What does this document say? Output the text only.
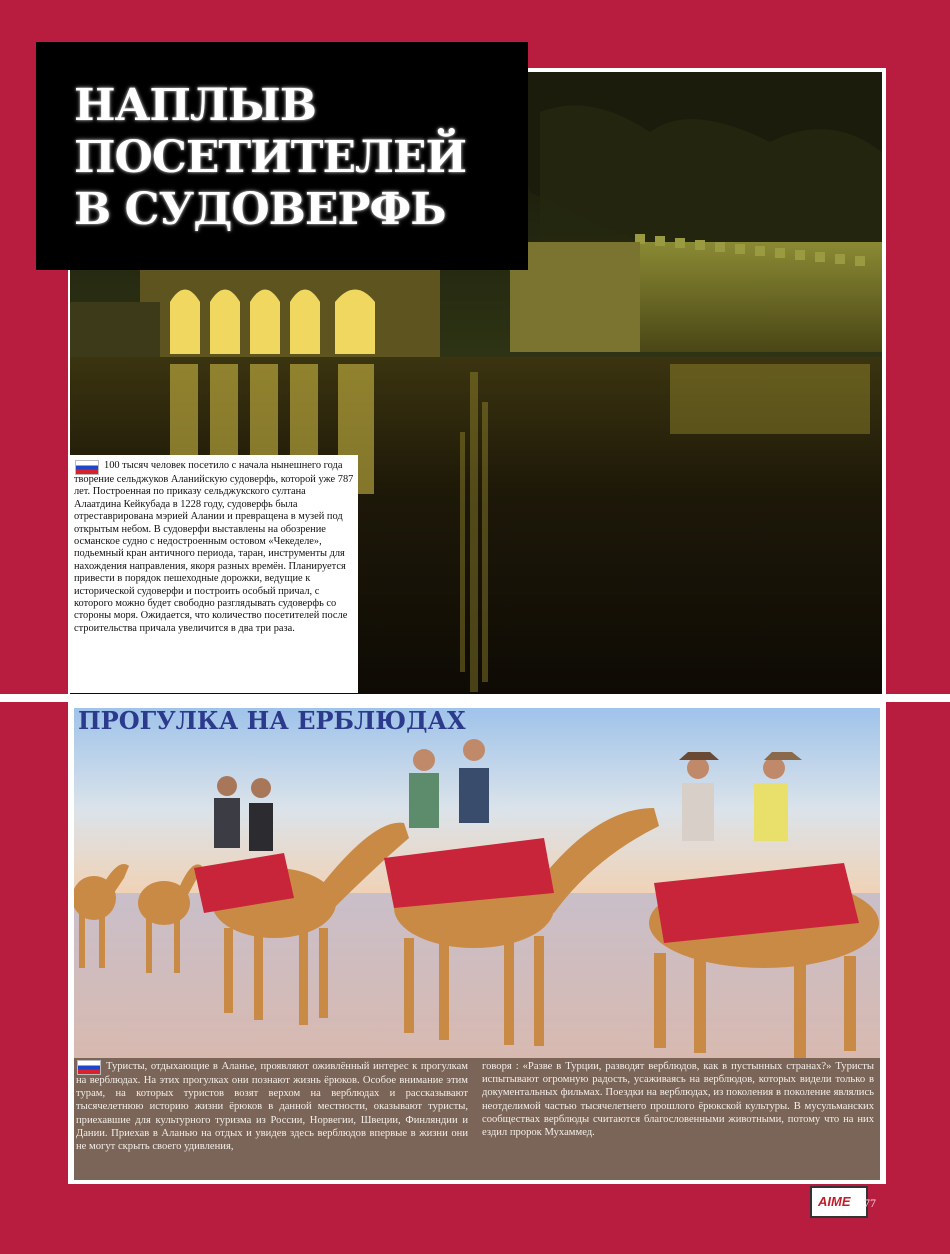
НАПЛЫВ
ПОСЕТИТЕЛЕЙ
В СУДОВЕРФЬ

100 тысяч человек посетило с начала нынешнего года творение сельджуков Аланийскую судоверфь, которой уже 787 лет. Построенная по приказу сельджукского султана Алаатдина Кейкубада в 1228 году, судоверфь была отреставрирована мэрией Алании и превращена в музей под открытым небом. В судоверфи выставлены на обозрение османское судно с недостроенным остовом «Чекеделе», подьемный кран античного периода, таран, инструменты для нахождения направления, якоря разных времён. Планируется привести в порядок пешеходные дорожки, ведущие к исторической судоверфи и построить особый причал, с которого можно будет свободно разглядывать судоверфь со стороны моря. Ожидается, что количество посетителей после строительства причала увеличится в два три раза.

ПРОГУЛКА НА ЕРБЛЮДАХ

Туристы, отдыхающие в Аланье, проявляют оживлённый интерес к прогулкам на верблюдах. На этих прогулках они познают жизнь ёрюков. Особое внимание этим турам, на которых туристов возят верхом на верблюдах и рассказывают тысячелетнюю историю жизни ёрюков в данной местности, оказывают туристы, приехавшие для культурного туризма из России, Норвегии, Швеции, Финляндии и Дании. Приехав в Аланью на отдых и увидев здесь верблюдов впервые в жизни они не могут скрыть своего удивления,

говоря : «Разве в Турции, разводят верблюдов, как в пустынных странах?» Туристы испытывают огромную радость, усаживаясь на верблюдов, которых видели только в документальных фильмах. Поездки на верблюдах, из поколения в поколение являлись неотделимой частью тысячелетнего прошлого ёрюкской культуры. В мусульманских сообществах верблюды считаются благословенными животными, потому что на них ездил пророк Мухаммед.

AIME 77
